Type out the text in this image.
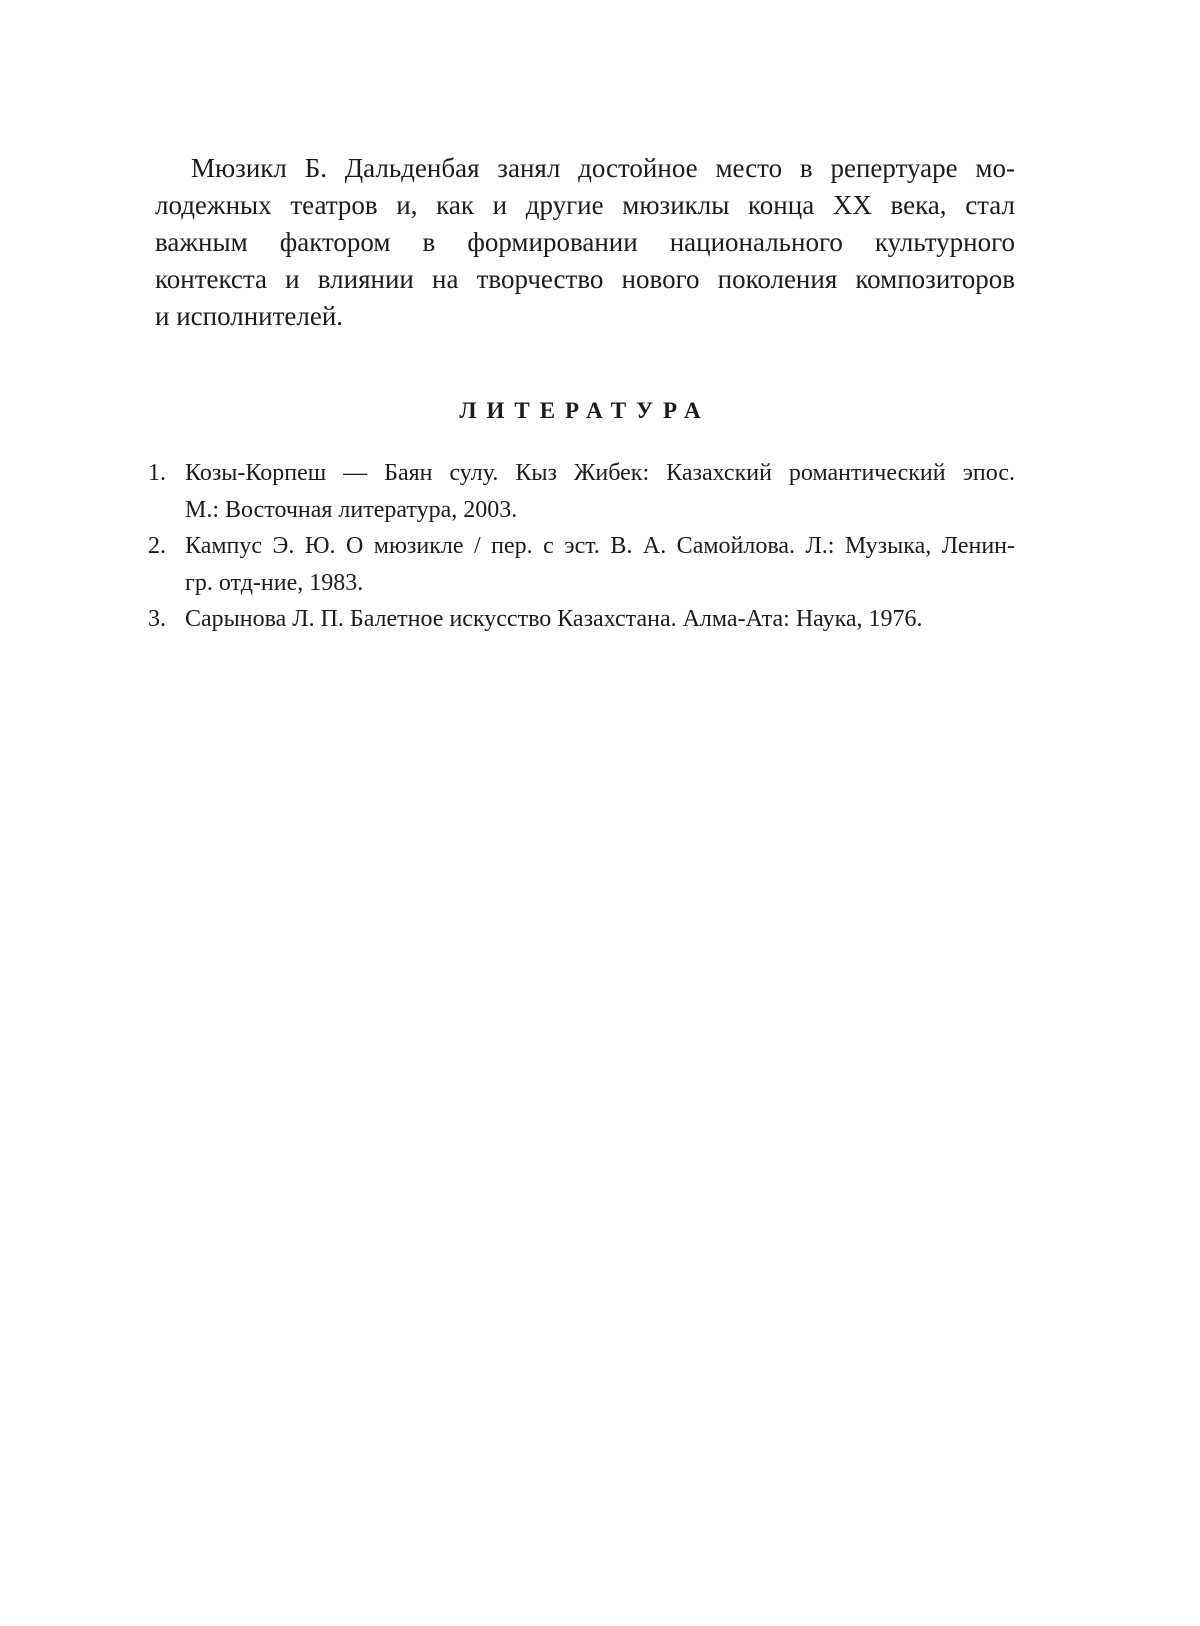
Мюзикл Б. Дальденбая занял достойное место в репертуаре мо-
лодежных театров и, как и другие мюзиклы конца XX века, стал
важным фактором в формировании национального культурного
контекста и влиянии на творчество нового поколения композиторов
и исполнителей.
ЛИТЕРАТУРА
1. Козы-Корпеш — Баян сулу. Кыз Жибек: Казахский романтический эпос.
М.: Восточная литература, 2003.
2. Кампус Э. Ю. О мюзикле / пер. с эст. В. А. Самойлова. Л.: Музыка, Ленин-
гр. отд-ние, 1983.
3. Сарынова Л. П. Балетное искусство Казахстана. Алма-Ата: Наука, 1976.
